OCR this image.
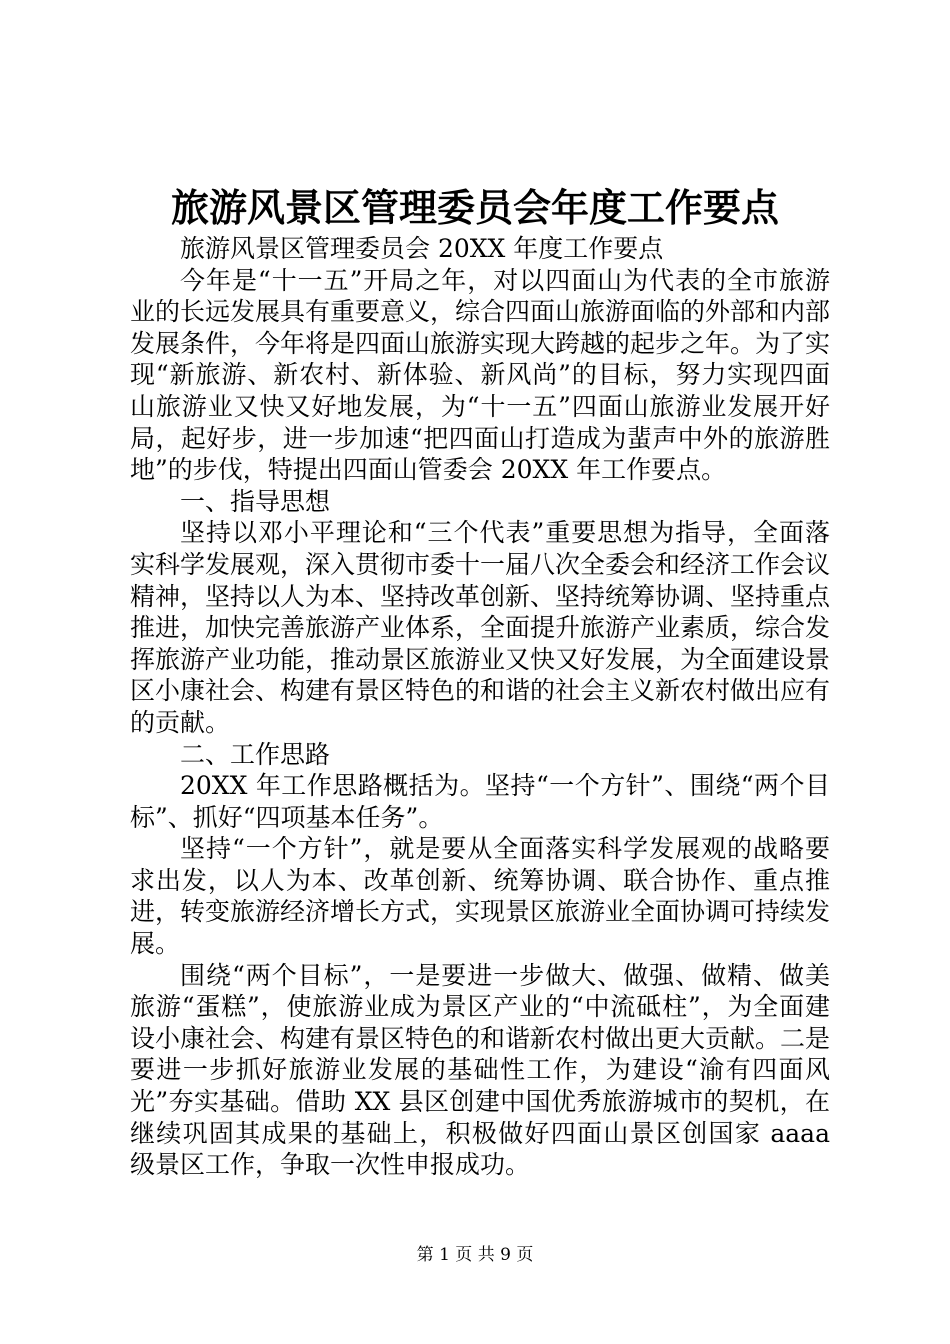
旅游风景区管理委员会年度工作要点

旅游风景区管理委员会 20XX 年度工作要点

今年是“十一五”开局之年，对以四面山为代表的全市旅游业的长远发展具有重要意义，综合四面山旅游面临的外部和内部发展条件，今年将是四面山旅游实现大跨越的起步之年。为了实现“新旅游、新农村、新体验、新风尚”的目标，努力实现四面山旅游业又快又好地发展，为“十一五”四面山旅游业发展开好局，起好步，进一步加速“把四面山打造成为蜚声中外的旅游胜地”的步伐，特提出四面山管委会 20XX 年工作要点。

一、指导思想

坚持以邓小平理论和“三个代表”重要思想为指导，全面落实科学发展观，深入贯彻市委十一届八次全委会和经济工作会议精神，坚持以人为本、坚持改革创新、坚持统筹协调、坚持重点推进，加快完善旅游产业体系，全面提升旅游产业素质，综合发挥旅游产业功能，推动景区旅游业又快又好发展，为全面建设景区小康社会、构建有景区特色的和谐的社会主义新农村做出应有的贡献。

二、工作思路

20XX 年工作思路概括为。坚持“一个方针”、围绕“两个目标”、抓好“四项基本任务”。

坚持“一个方针”，就是要从全面落实科学发展观的战略要求出发，以人为本、改革创新、统筹协调、联合协作、重点推进，转变旅游经济增长方式，实现景区旅游业全面协调可持续发展。

围绕“两个目标”，一是要进一步做大、做强、做精、做美旅游“蛋糕”，使旅游业成为景区产业的“中流砥柱”，为全面建设小康社会、构建有景区特色的和谐新农村做出更大贡献。二是要进一步抓好旅游业发展的基础性工作，为建设“渝有四面风光”夯实基础。借助 XX 县区创建中国优秀旅游城市的契机，在继续巩固其成果的基础上，积极做好四面山景区创国家 aaaa 级景区工作，争取一次性申报成功。

第 1 页 共 9 页
